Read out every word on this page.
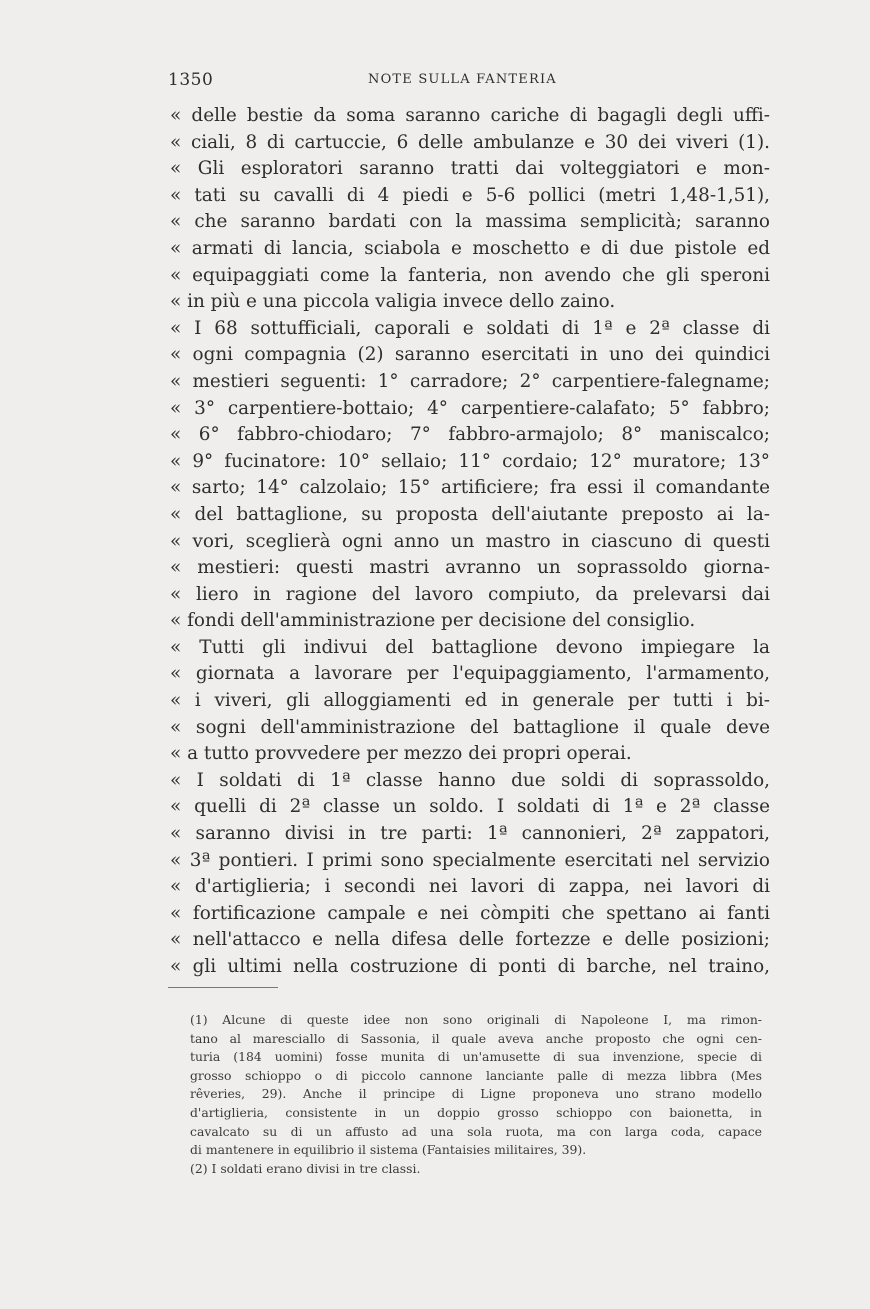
1350	NOTE SULLA FANTERIA
« delle bestie da soma saranno cariche di bagagli degli uffi-
« ciali, 8 di cartuccie, 6 delle ambulanze e 30 dei viveri (1).
« Gli esploratori saranno tratti dai volteggiatori e mon-
« tati su cavalli di 4 piedi e 5-6 pollici (metri 1,48-1,51),
« che saranno bardati con la massima semplicità; saranno
« armati di lancia, sciabola e moschetto e di due pistole ed
« equipaggiati come la fanteria, non avendo che gli speroni
« in più e una piccola valigia invece dello zaino.
« I 68 sottufficiali, caporali e soldati di 1ª e 2ª classe di
« ogni compagnia (2) saranno esercitati in uno dei quindici
« mestieri seguenti: 1° carradore; 2° carpentiere-falegname;
« 3° carpentiere-bottaio; 4° carpentiere-calafato; 5° fabbro;
« 6° fabbro-chiodaro; 7° fabbro-armajolo; 8° maniscalco;
« 9° fucinatore: 10° sellaio; 11° cordaio; 12° muratore; 13°
« sarto; 14° calzolaio; 15° artificiere; fra essi il comandante
« del battaglione, su proposta dell'aiutante preposto ai la-
« vori, sceglierà ogni anno un mastro in ciascuno di questi
« mestieri: questi mastri avranno un soprassoldo giorna-
« liero in ragione del lavoro compiuto, da prelevarsi dai
« fondi dell'amministrazione per decisione del consiglio.
« Tutti gli indivui del battaglione devono impiegare la
« giornata a lavorare per l'equipaggiamento, l'armamento,
« i viveri, gli alloggiamenti ed in generale per tutti i bi-
« sogni dell'amministrazione del battaglione il quale deve
« a tutto provvedere per mezzo dei propri operai.
« I soldati di 1ª classe hanno due soldi di soprassoldo,
« quelli di 2ª classe un soldo. I soldati di 1ª e 2ª classe
« saranno divisi in tre parti: 1ª cannonieri, 2ª zappatori,
« 3ª pontieri. I primi sono specialmente esercitati nel servizio
« d'artiglieria; i secondi nei lavori di zappa, nei lavori di
« fortificazione campale e nei còmpiti che spettano ai fanti
« nell'attacco e nella difesa delle fortezze e delle posizioni;
« gli ultimi nella costruzione di ponti di barche, nel traino,
(1) Alcune di queste idee non sono originali di Napoleone I, ma rimon-
tano al maresciallo di Sassonia, il quale aveva anche proposto che ogni cen-
turia (184 uomini) fosse munita di un'amusette di sua invenzione, specie di
grosso schioppo o di piccolo cannone lanciante palle di mezza libbra (Mes
rêveries, 29). Anche il principe di Ligne proponeva uno strano modello
d'artiglieria, consistente in un doppio grosso schioppo con baionetta, in
cavalcato su di un affusto ad una sola ruota, ma con larga coda, capace
di mantenere in equilibrio il sistema (Fantaisies militaires, 39).
(2) I soldati erano divisi in tre classi.
